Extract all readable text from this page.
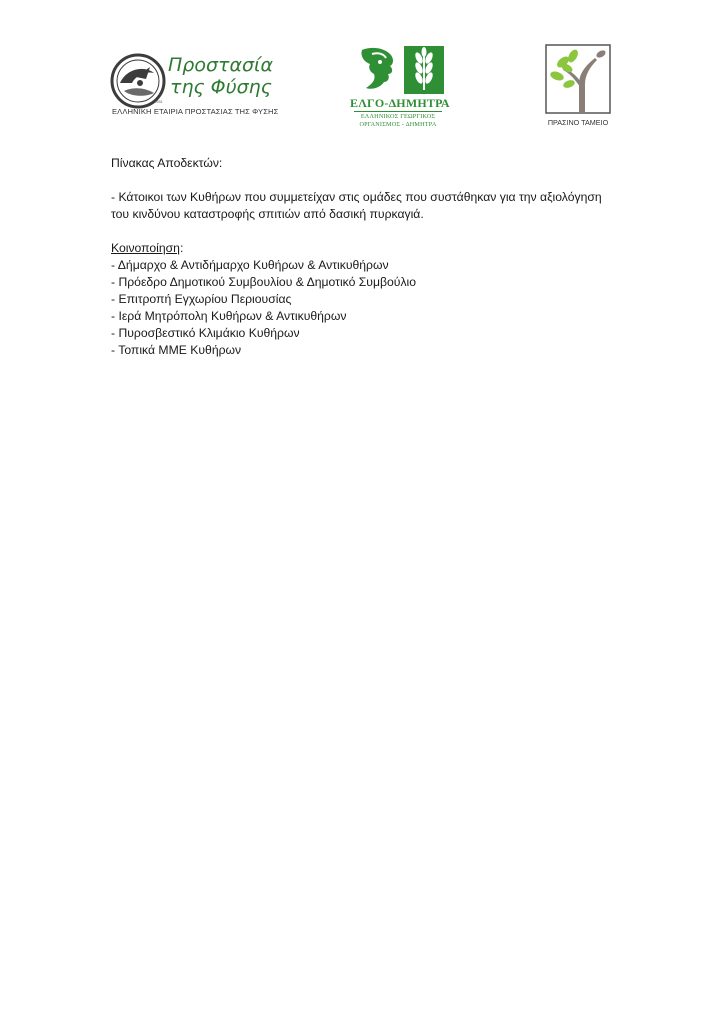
Προστασία
της Φύσης
1951
ΕΛΛΗΝΙΚΗ ΕΤΑΙΡΙΑ ΠΡΟΣΤΑΣΙΑΣ ΤΗΣ ΦΥΣΗΣ
ΕΛΓΟ-ΔΗΜΗΤΡΑ
ΕΛΛΗΝΙΚΟΣ ΓΕΩΡΓΙΚΟΣ
ΟΡΓΑΝΙΣΜΟΣ - ΔΗΜΗΤΡΑ	ΠΡΑΣΙΝΟ ΤΑΜΕΙΟ
Πίνακας Αποδεκτών:
- Κάτοικοι των Κυθήρων που συμμετείχαν στις ομάδες που συστάθηκαν για την αξιολόγηση
του κινδύνου καταστροφής σπιτιών από δασική πυρκαγιά.
Κοινοποίηση:
- Δήμαρχο & Αντιδήμαρχο Κυθήρων & Αντικυθήρων
- Πρόεδρο Δημοτικού Συμβουλίου & Δημοτικό Συμβούλιο
- Επιτροπή Εγχωρίου Περιουσίας
- Ιερά Μητρόπολη Κυθήρων & Αντικυθήρων
- Πυροσβεστικό Κλιμάκιο Κυθήρων
- Τοπικά ΜΜΕ Κυθήρων
